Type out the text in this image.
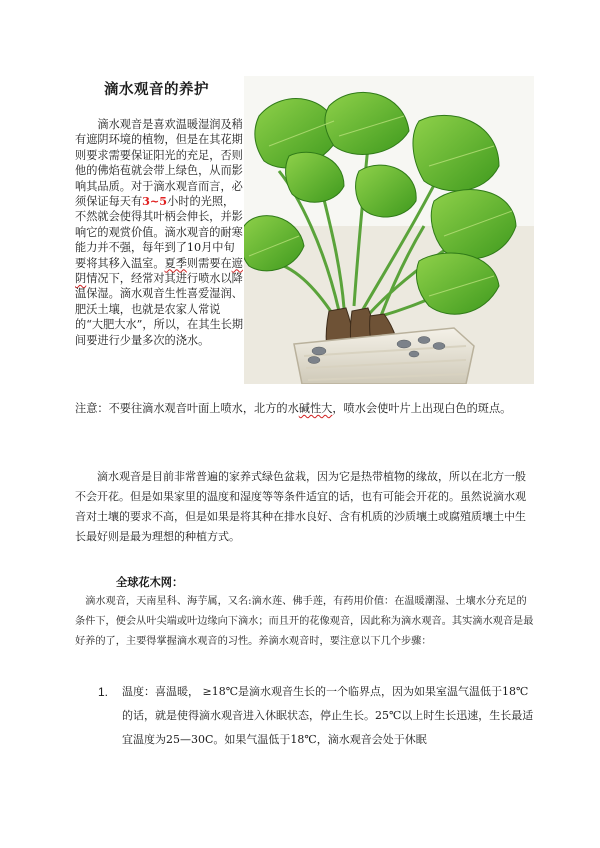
滴水观音的养护

滴水观音是喜欢温暖湿润及稍有遮阴环境的植物，但是在其花期则要求需要保证阳光的充足，否则他的佛焰苞就会带上绿色，从而影响其品质。对于滴水观音而言，必须保证每天有3~5小时的光照，不然就会使得其叶柄会伸长，并影响它的观赏价值。滴水观音的耐寒能力并不强，每年到了10月中旬要将其移入温室。夏季则需要在遮阴情况下，经常对其进行喷水以降温保湿。滴水观音生性喜爱湿润、肥沃土壤，也就是农家人常说的“大肥大水”，所以，在其生长期间要进行少量多次的浇水。

注意：不要往滴水观音叶面上喷水，北方的水碱性大，喷水会使叶片上出现白色的斑点。

滴水观音是目前非常普遍的家养式绿色盆栽，因为它是热带植物的缘故，所以在北方一般不会开花。但是如果家里的温度和湿度等等条件适宜的话，也有可能会开花的。虽然说滴水观音对土壤的要求不高，但是如果是将其种在排水良好、含有机质的沙质壤土或腐殖质壤土中生长最好则是最为理想的种植方式。

全球花木网：

滴水观音，天南星科、海芋属，又名:滴水莲、佛手莲，有药用价值：在温暖潮湿、土壤水分充足的条件下，便会从叶尖端或叶边缘向下滴水；而且开的花像观音，因此称为滴水观音。其实滴水观音是最好养的了，主要得掌握滴水观音的习性。养滴水观音时，要注意以下几个步骤：

1. 温度：喜温暖， ≥18℃是滴水观音生长的一个临界点，因为如果室温气温低于18℃的话，就是使得滴水观音进入休眠状态，停止生长。25℃以上时生长迅速，生长最适宜温度为25—30C。如果气温低于18℃，滴水观音会处于休眠
